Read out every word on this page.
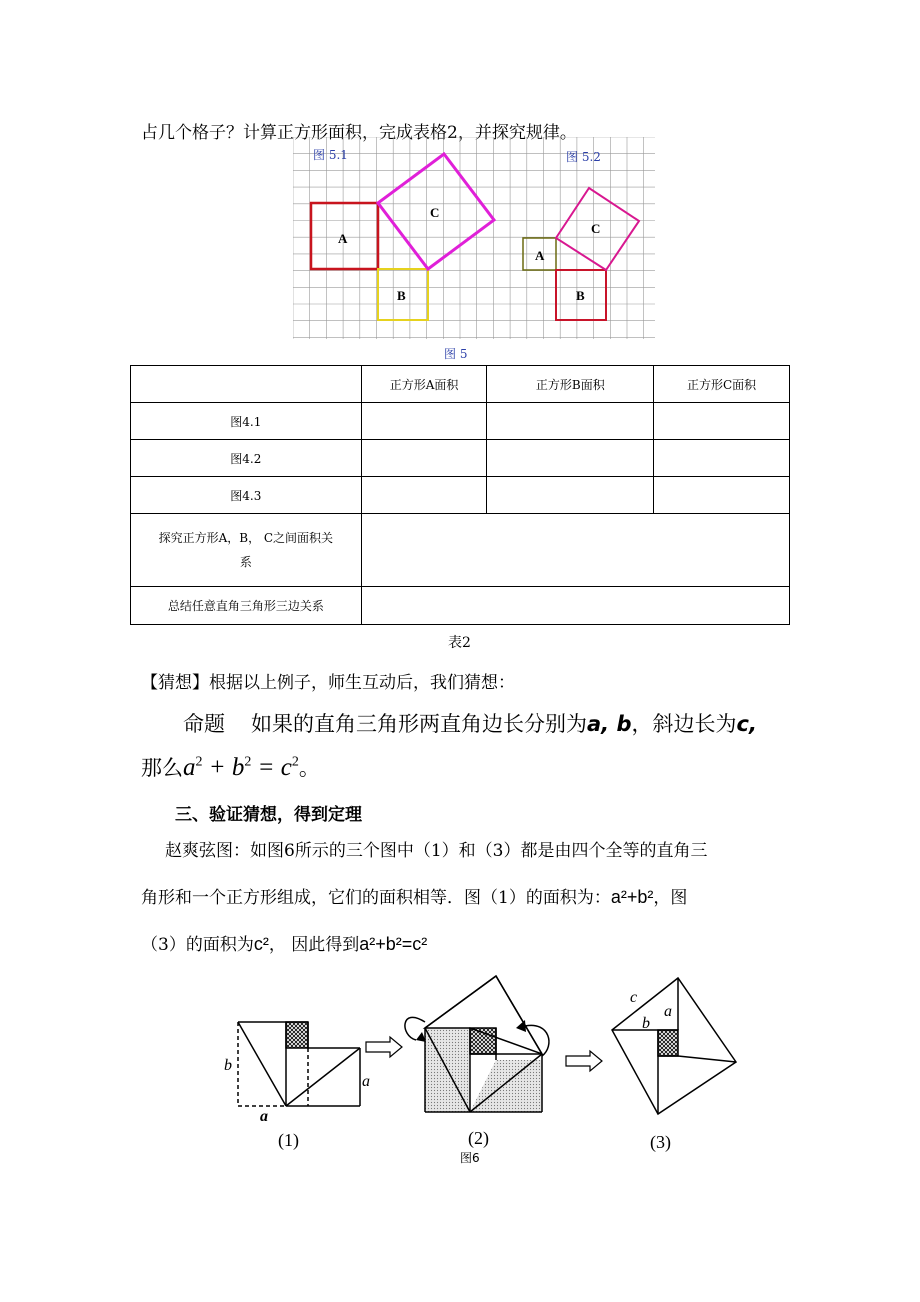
占几个格子？计算正方形面积，完成表格2，并探究规律。
A
B
C
A
B
C
图 5.1	图 5.2
图 5
	正方形A面积	正方形B面积	正方形C面积
图4.1			
图4.2			
图4.3			
探究正方形A，B， C之间面积关
系			
总结任意直角三角形三边关系			
表2
【猜想】根据以上例子，师生互动后，我们猜想：
命题 如果的直角三角形两直角边长分别为a, b，斜边长为c,
那么$a^2 + b^2 = c^2$。
三、验证猜想，得到定理
赵爽弦图：如图6所示的三个图中（1）和（3）都是由四个全等的直角三
角形和一个正方形组成，它们的面积相等．图（1）的面积为：a²+b²，图
（3）的面积为c²， 因此得到a²+b²=c²
b
a
a
(1)	(2)
c
b
a
(3)
图6
